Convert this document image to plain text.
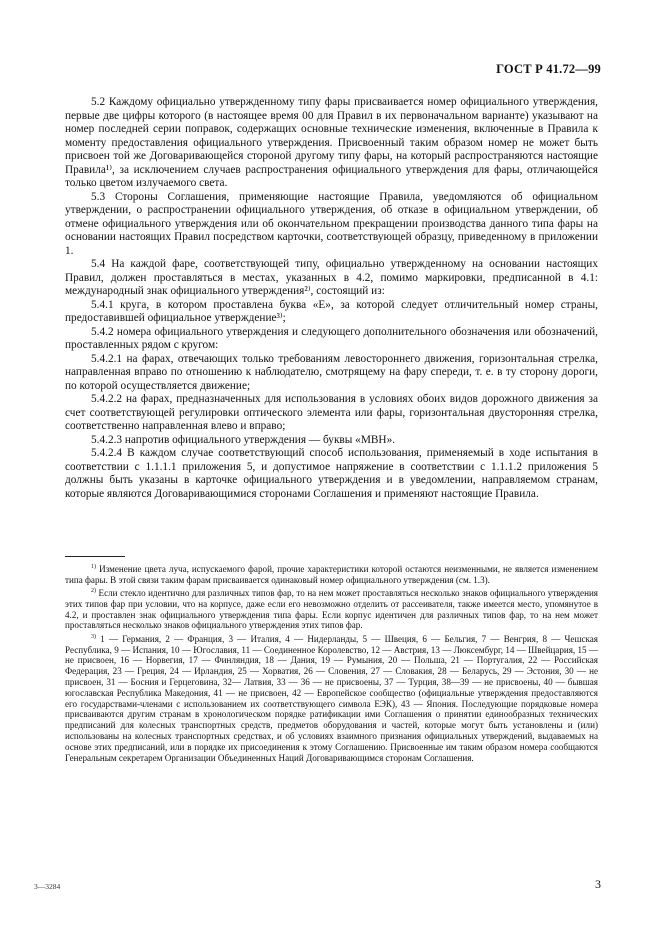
ГОСТ Р 41.72—99

5.2 Каждому официально утвержденному типу фары присваивается номер официального утверждения, первые две цифры которого (в настоящее время 00 для Правил в их первоначальном варианте) указывают на номер последней серии поправок, содержащих основные технические изменения, включенные в Правила к моменту предоставления официального утверждения. Присвоенный таким образом номер не может быть присвоен той же Договаривающейся стороной другому типу фары, на который распространяются настоящие Правила¹⁾, за исключением случаев распространения официального утверждения для фары, отличающейся только цветом излучаемого света.

5.3 Стороны Соглашения, применяющие настоящие Правила, уведомляются об официальном утверждении, о распространении официального утверждения, об отказе в официальном утверждении, об отмене официального утверждения или об окончательном прекращении производства данного типа фары на основании настоящих Правил посредством карточки, соответствующей образцу, приведенному в приложении 1.

5.4 На каждой фаре, соответствующей типу, официально утвержденному на основании настоящих Правил, должен проставляться в местах, указанных в 4.2, помимо маркировки, предписанной в 4.1: международный знак официального утверждения²⁾, состоящий из:

5.4.1 круга, в котором проставлена буква «Е», за которой следует отличительный номер страны, предоставившей официальное утверждение³⁾;

5.4.2 номера официального утверждения и следующего дополнительного обозначения или обозначений, проставленных рядом с кругом:

5.4.2.1 на фарах, отвечающих только требованиям левостороннего движения, горизонтальная стрелка, направленная вправо по отношению к наблюдателю, смотрящему на фару спереди, т. е. в ту сторону дороги, по которой осуществляется движение;

5.4.2.2 на фарах, предназначенных для использования в условиях обоих видов дорожного движения за счет соответствующей регулировки оптического элемента или фары, горизонтальная двусторонняя стрелка, соответственно направленная влево и вправо;

5.4.2.3 напротив официального утверждения — буквы «МВН».

5.4.2.4 В каждом случае соответствующий способ использования, применяемый в ходе испытания в соответствии с 1.1.1.1 приложения 5, и допустимое напряжение в соответствии с 1.1.1.2 приложения 5 должны быть указаны в карточке официального утверждения и в уведомлении, направляемом странам, которые являются Договаривающимися сторонами Соглашения и применяют настоящие Правила.

$^{1)}$ Изменение цвета луча, испускаемого фарой, прочие характеристики которой остаются неизменными, не является изменением типа фары. В этой связи таким фарам присваивается одинаковый номер официального утверждения (см. 1.3).

$^{2)}$ Если стекло идентично для различных типов фар, то на нем может проставляться несколько знаков официального утверждения этих типов фар при условии, что на корпусе, даже если его невозможно отделить от рассеивателя, также имеется место, упомянутое в 4.2, и проставлен знак официального утверждения типа фары. Если корпус идентичен для различных типов фар, то на нем может проставляться несколько знаков официального утверждения этих типов фар.

$^{3)}$ 1 — Германия, 2 — Франция, 3 — Италия, 4 — Нидерланды, 5 — Швеция, 6 — Бельгия, 7 — Венгрия, 8 — Чешская Республика, 9 — Испания, 10 — Югославия, 11 — Соединенное Королевство, 12 — Австрия, 13 — Люксембург, 14 — Швейцария, 15 — не присвоен, 16 — Норвегия, 17 — Финляндия, 18 — Дания, 19 — Румыния, 20 — Польша, 21 — Португалия, 22 — Российская Федерация, 23 — Греция, 24 — Ирландия, 25 — Хорватия, 26 — Словения, 27 — Словакия, 28 — Беларусь, 29 — Эстония, 30 — не присвоен, 31 — Босния и Герцеговина, 32— Латвия, 33 — 36 — не присвоены, 37 — Турция, 38—39 — не присвоены, 40 — бывшая югославская Республика Македония, 41 — не присвоен, 42 — Европейское сообщество (официальные утверждения предоставляются его государствами-членами с использованием их соответствующего символа ЕЭК), 43 — Япония. Последующие порядковые номера присваиваются другим странам в хронологическом порядке ратификации ими Соглашения о принятии единообразных технических предписаний для колесных транспортных средств, предметов оборудования и частей, которые могут быть установлены и (или) использованы на колесных транспортных средствах, и об условиях взаимного признания официальных утверждений, выдаваемых на основе этих предписаний, или в порядке их присоединения к этому Соглашению. Присвоенные им таким образом номера сообщаются Генеральным секретарем Организации Объединенных Наций Договаривающимся сторонам Соглашения.

3—3284	3
